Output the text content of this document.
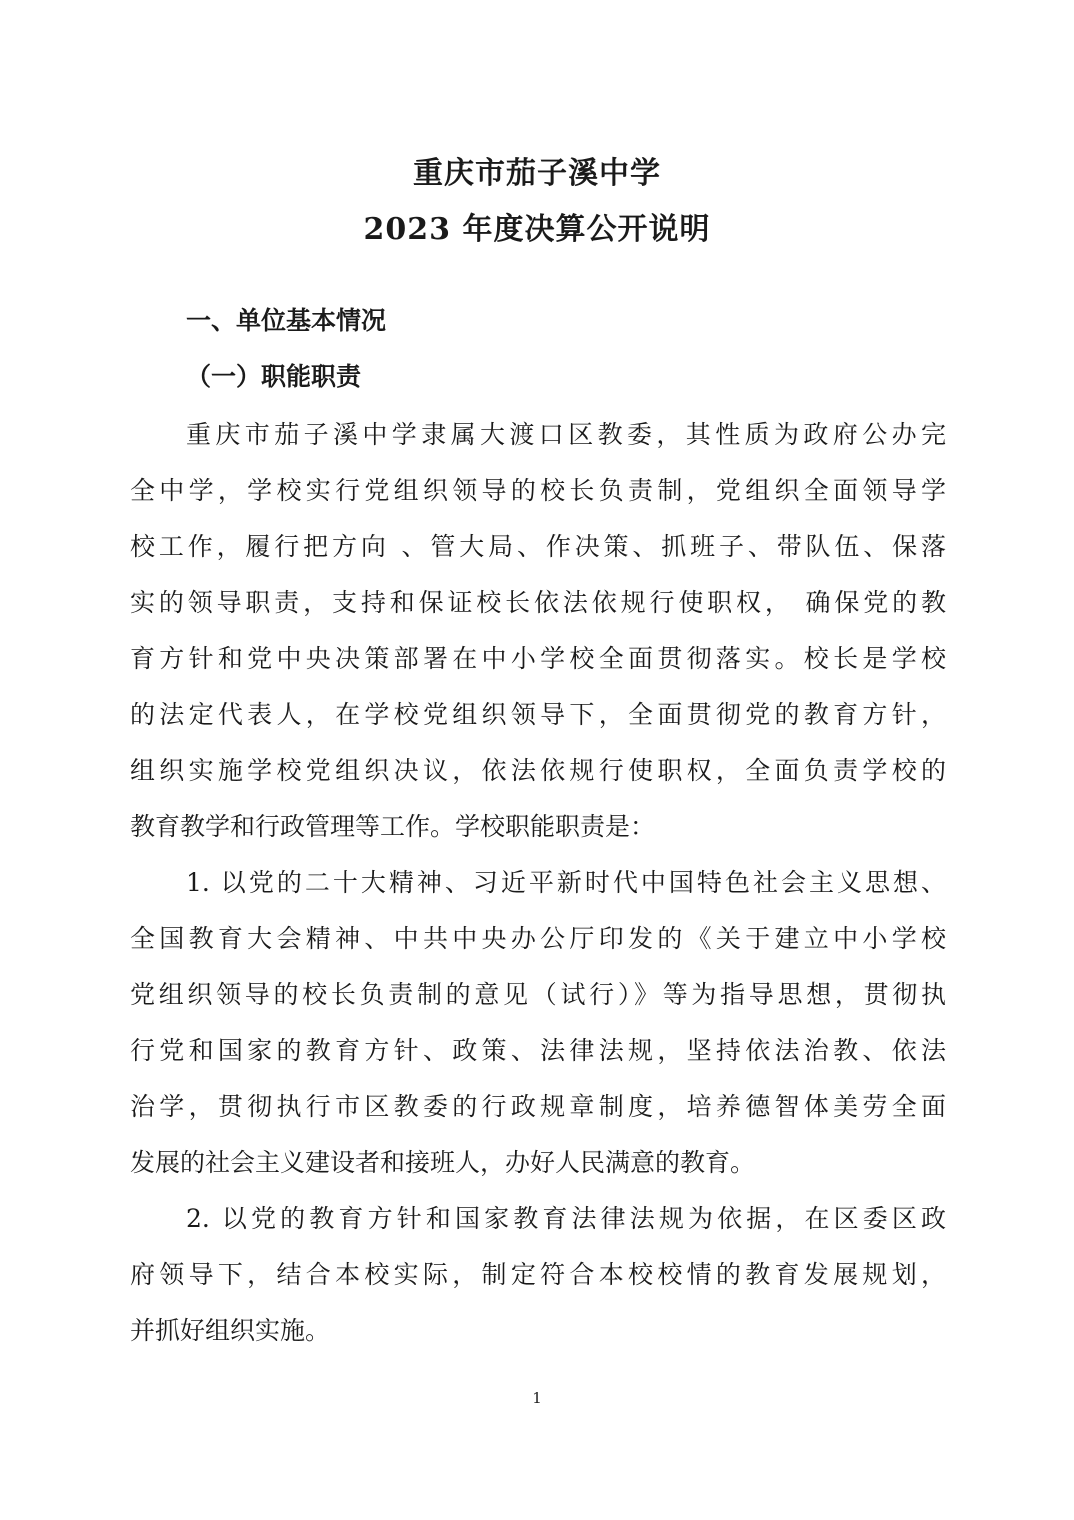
重庆市茄子溪中学
2023 年度决算公开说明
一、单位基本情况
（一）职能职责
重庆市茄子溪中学隶属大渡口区教委，其性质为政府公办完
全中学，学校实行党组织领导的校长负责制，党组织全面领导学
校工作，履行把方向 、管大局、作决策、抓班子、带队伍、保落
实的领导职责，支持和保证校长依法依规行使职权， 确保党的教
育方针和党中央决策部署在中小学校全面贯彻落实。校长是学校
的法定代表人，在学校党组织领导下，全面贯彻党的教育方针，
组织实施学校党组织决议，依法依规行使职权，全面负责学校的
教育教学和行政管理等工作。学校职能职责是：
1. 以党的二十大精神、习近平新时代中国特色社会主义思想、
全国教育大会精神、中共中央办公厅印发的《关于建立中小学校
党组织领导的校长负责制的意见（试行）》等为指导思想，贯彻执
行党和国家的教育方针、政策、法律法规，坚持依法治教、依法
治学，贯彻执行市区教委的行政规章制度，培养德智体美劳全面
发展的社会主义建设者和接班人，办好人民满意的教育。
2. 以党的教育方针和国家教育法律法规为依据，在区委区政
府领导下，结合本校实际，制定符合本校校情的教育发展规划，
并抓好组织实施。
1
